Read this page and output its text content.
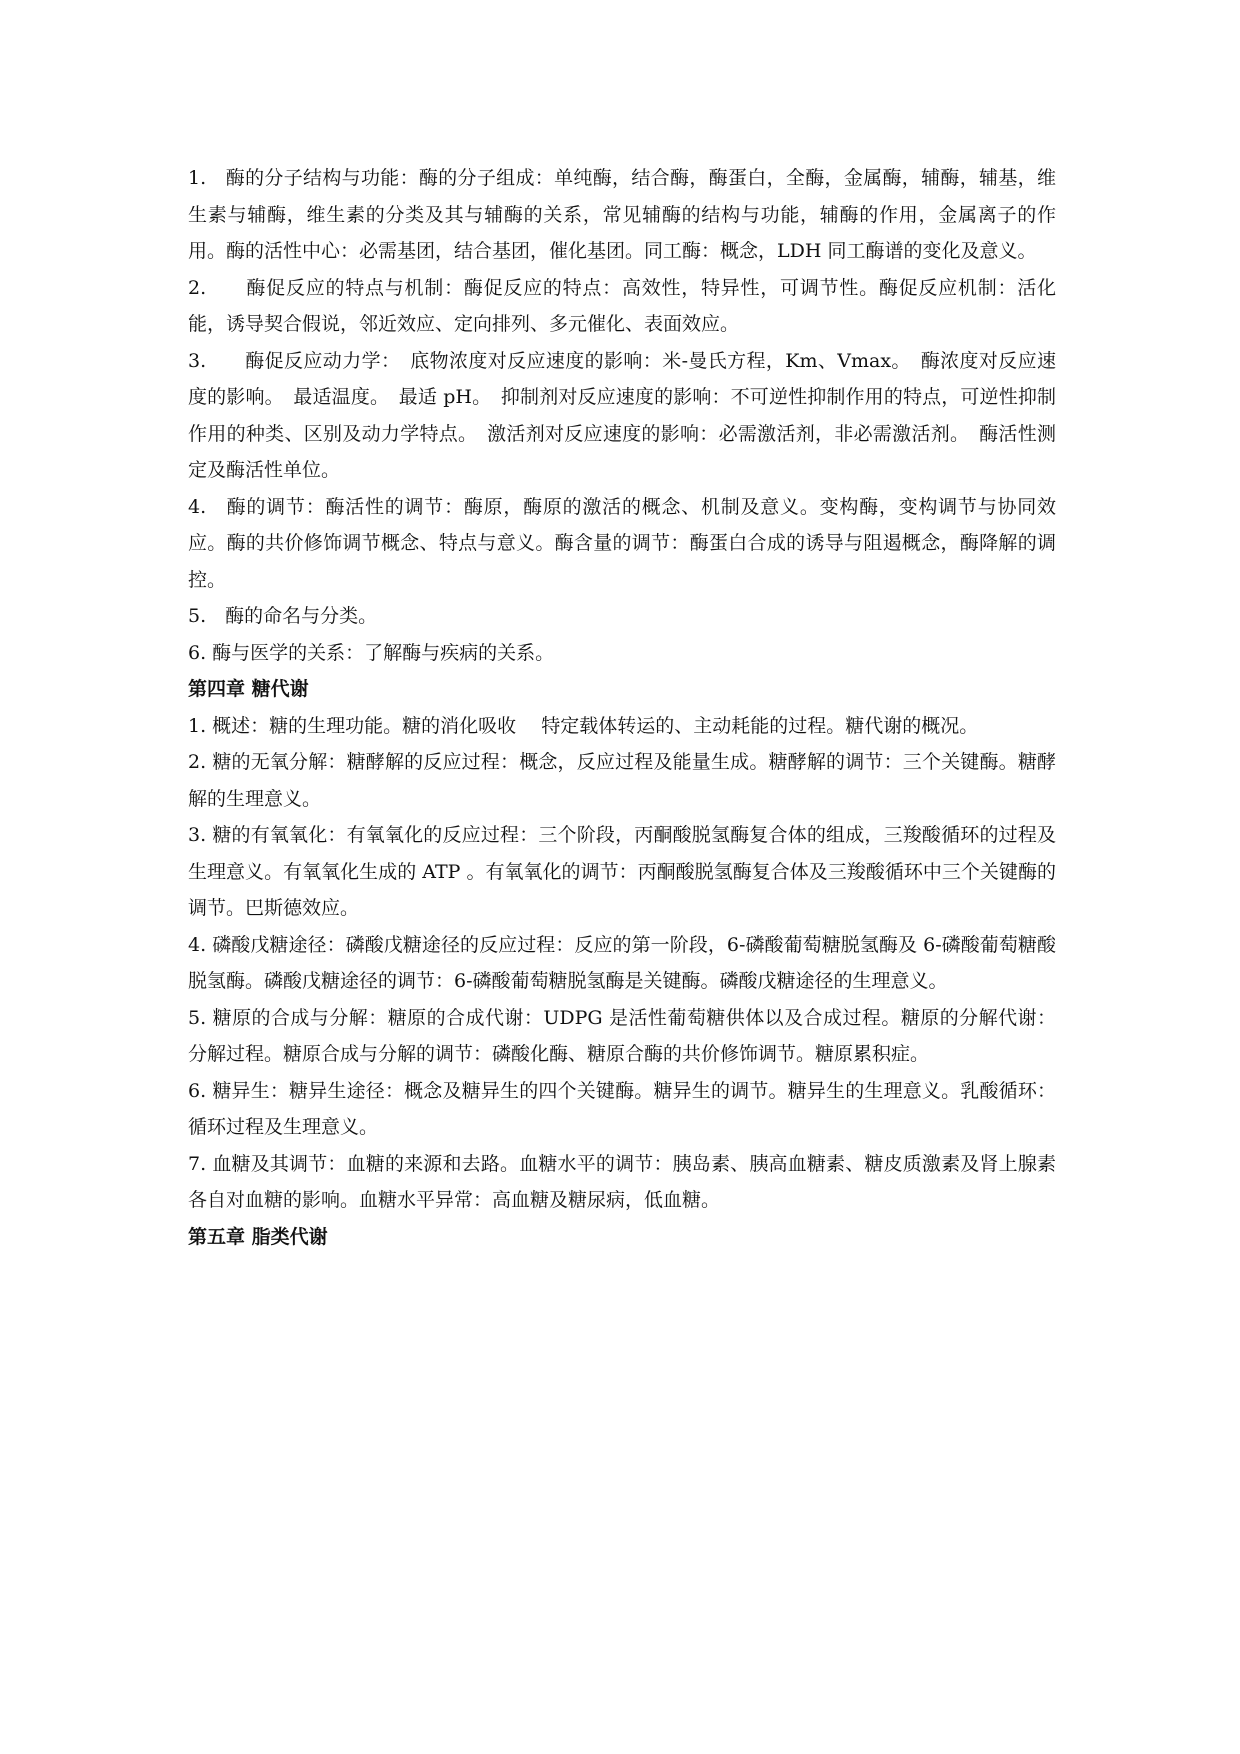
1.　酶的分子结构与功能：酶的分子组成：单纯酶，结合酶，酶蛋白，全酶，金属酶，辅酶，辅基，维生素与辅酶，维生素的分类及其与辅酶的关系，常见辅酶的结构与功能，辅酶的作用，金属离子的作用。酶的活性中心：必需基团，结合基团，催化基团。同工酶：概念，LDH 同工酶谱的变化及意义。

2.　　酶促反应的特点与机制：酶促反应的特点：高效性，特异性，可调节性。酶促反应机制：活化能，诱导契合假说，邻近效应、定向排列、多元催化、表面效应。

3.　　酶促反应动力学：　底物浓度对反应速度的影响：米-曼氏方程，Km、Vmax。　酶浓度对反应速度的影响。　最适温度。　最适 pH。　抑制剂对反应速度的影响：不可逆性抑制作用的特点，可逆性抑制作用的种类、区别及动力学特点。　激活剂对反应速度的影响：必需激活剂，非必需激活剂。　酶活性测定及酶活性单位。

4.　酶的调节：酶活性的调节：酶原，酶原的激活的概念、机制及意义。变构酶，变构调节与协同效应。酶的共价修饰调节概念、特点与意义。酶含量的调节：酶蛋白合成的诱导与阻遏概念，酶降解的调控。

5.　酶的命名与分类。

6. 酶与医学的关系：了解酶与疾病的关系。

第四章 糖代谢

1. 概述：糖的生理功能。糖的消化吸收　 特定载体转运的、主动耗能的过程。糖代谢的概况。

2. 糖的无氧分解：糖酵解的反应过程：概念，反应过程及能量生成。糖酵解的调节：三个关键酶。糖酵解的生理意义。

3. 糖的有氧氧化：有氧氧化的反应过程：三个阶段，丙酮酸脱氢酶复合体的组成，三羧酸循环的过程及生理意义。有氧氧化生成的 ATP 。有氧氧化的调节：丙酮酸脱氢酶复合体及三羧酸循环中三个关键酶的调节。巴斯德效应。

4. 磷酸戊糖途径：磷酸戊糖途径的反应过程：反应的第一阶段，6-磷酸葡萄糖脱氢酶及 6-磷酸葡萄糖酸脱氢酶。磷酸戊糖途径的调节：6-磷酸葡萄糖脱氢酶是关键酶。磷酸戊糖途径的生理意义。

5. 糖原的合成与分解：糖原的合成代谢：UDPG 是活性葡萄糖供体以及合成过程。糖原的分解代谢：分解过程。糖原合成与分解的调节：磷酸化酶、糖原合酶的共价修饰调节。糖原累积症。

6. 糖异生：糖异生途径：概念及糖异生的四个关键酶。糖异生的调节。糖异生的生理意义。乳酸循环：循环过程及生理意义。

7. 血糖及其调节：血糖的来源和去路。血糖水平的调节：胰岛素、胰高血糖素、糖皮质激素及肾上腺素各自对血糖的影响。血糖水平异常：高血糖及糖尿病，低血糖。

第五章 脂类代谢
